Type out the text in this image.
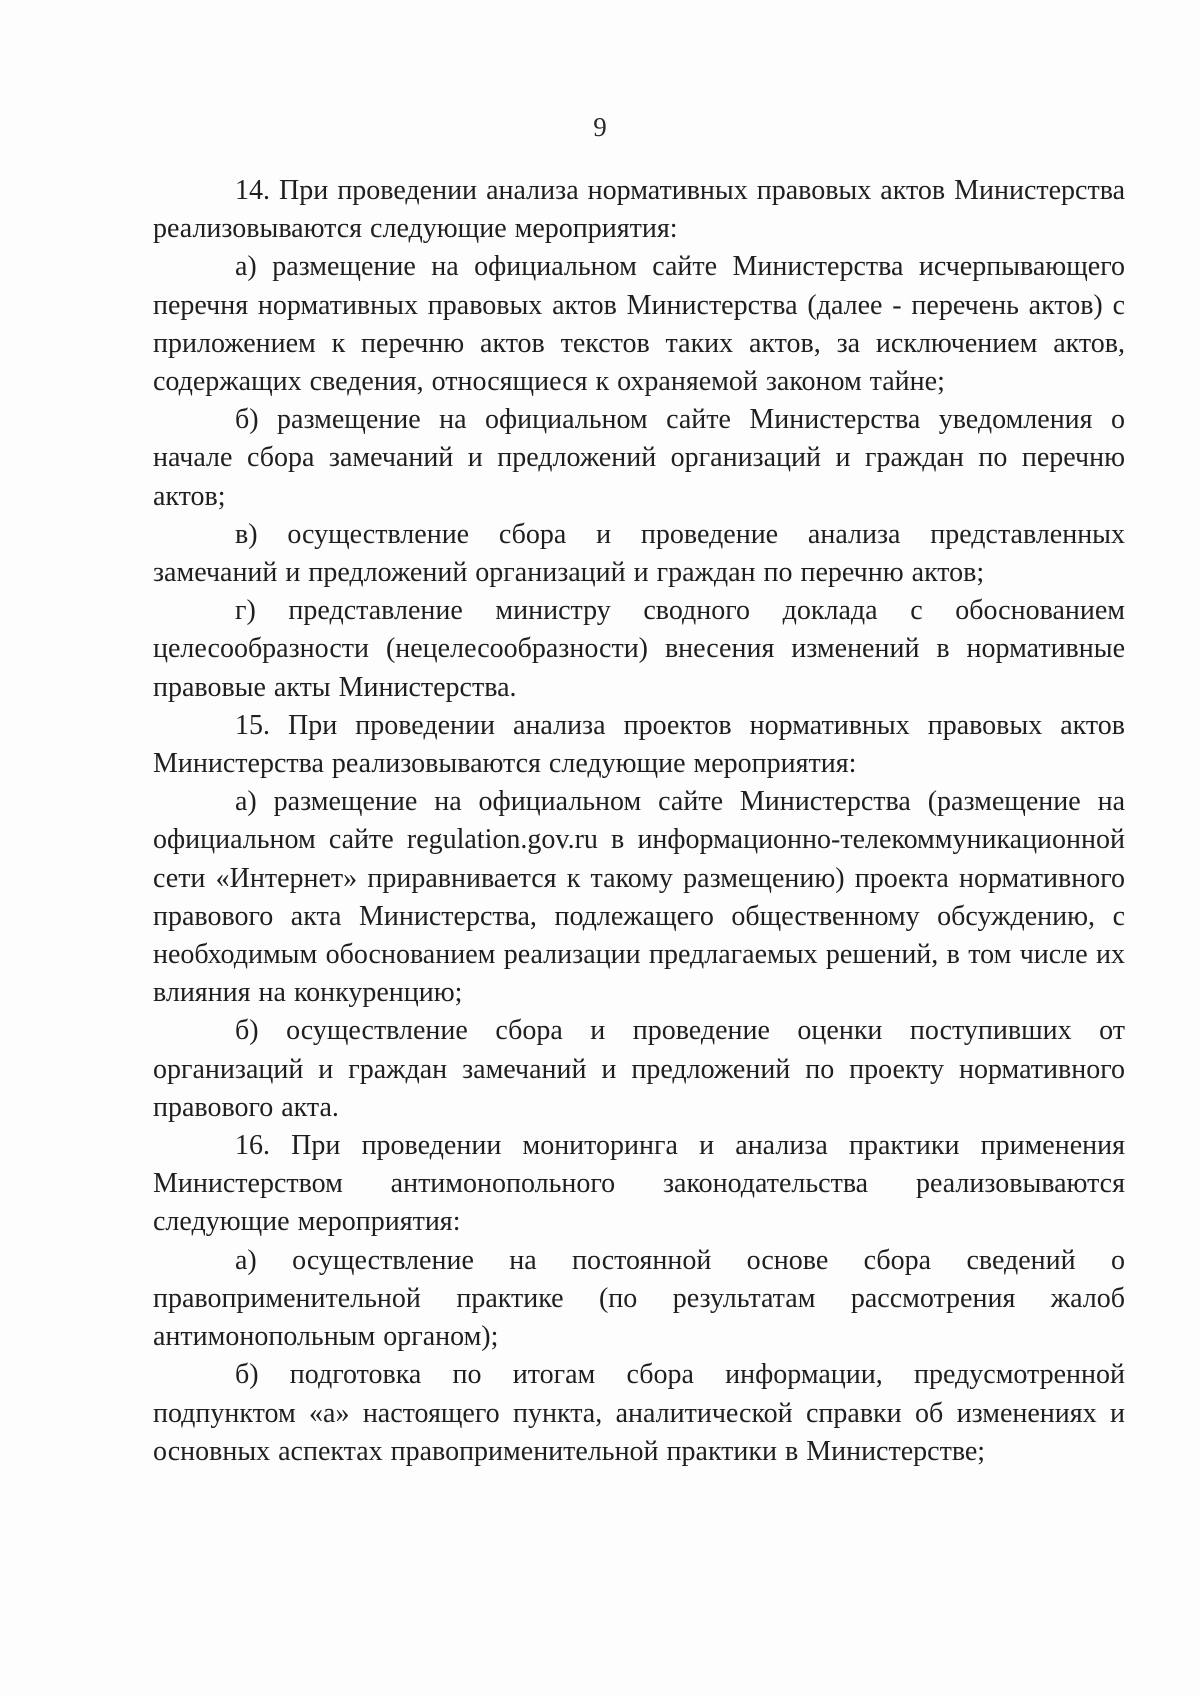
9

14. При проведении анализа нормативных правовых актов Министерства реализовываются следующие мероприятия:

а) размещение на официальном сайте Министерства исчерпывающего перечня нормативных правовых актов Министерства (далее - перечень актов) с приложением к перечню актов текстов таких актов, за исключением актов, содержащих сведения, относящиеся к охраняемой законом тайне;

б) размещение на официальном сайте Министерства уведомления о начале сбора замечаний и предложений организаций и граждан по перечню актов;

в) осуществление сбора и проведение анализа представленных замечаний и предложений организаций и граждан по перечню актов;

г) представление министру сводного доклада с обоснованием целесообразности (нецелесообразности) внесения изменений в нормативные правовые акты Министерства.

15. При проведении анализа проектов нормативных правовых актов Министерства реализовываются следующие мероприятия:

а) размещение на официальном сайте Министерства (размещение на официальном сайте regulation.gov.ru в информационно-телекоммуникационной сети «Интернет» приравнивается к такому размещению) проекта нормативного правового акта Министерства, подлежащего общественному обсуждению, с необходимым обоснованием реализации предлагаемых решений, в том числе их влияния на конкуренцию;

б) осуществление сбора и проведение оценки поступивших от организаций и граждан замечаний и предложений по проекту нормативного правового акта.

16. При проведении мониторинга и анализа практики применения Министерством антимонопольного законодательства реализовываются следующие мероприятия:

а) осуществление на постоянной основе сбора сведений о правоприменительной практике (по результатам рассмотрения жалоб антимонопольным органом);

б) подготовка по итогам сбора информации, предусмотренной подпунктом «а» настоящего пункта, аналитической справки об изменениях и основных аспектах правоприменительной практики в Министерстве;
